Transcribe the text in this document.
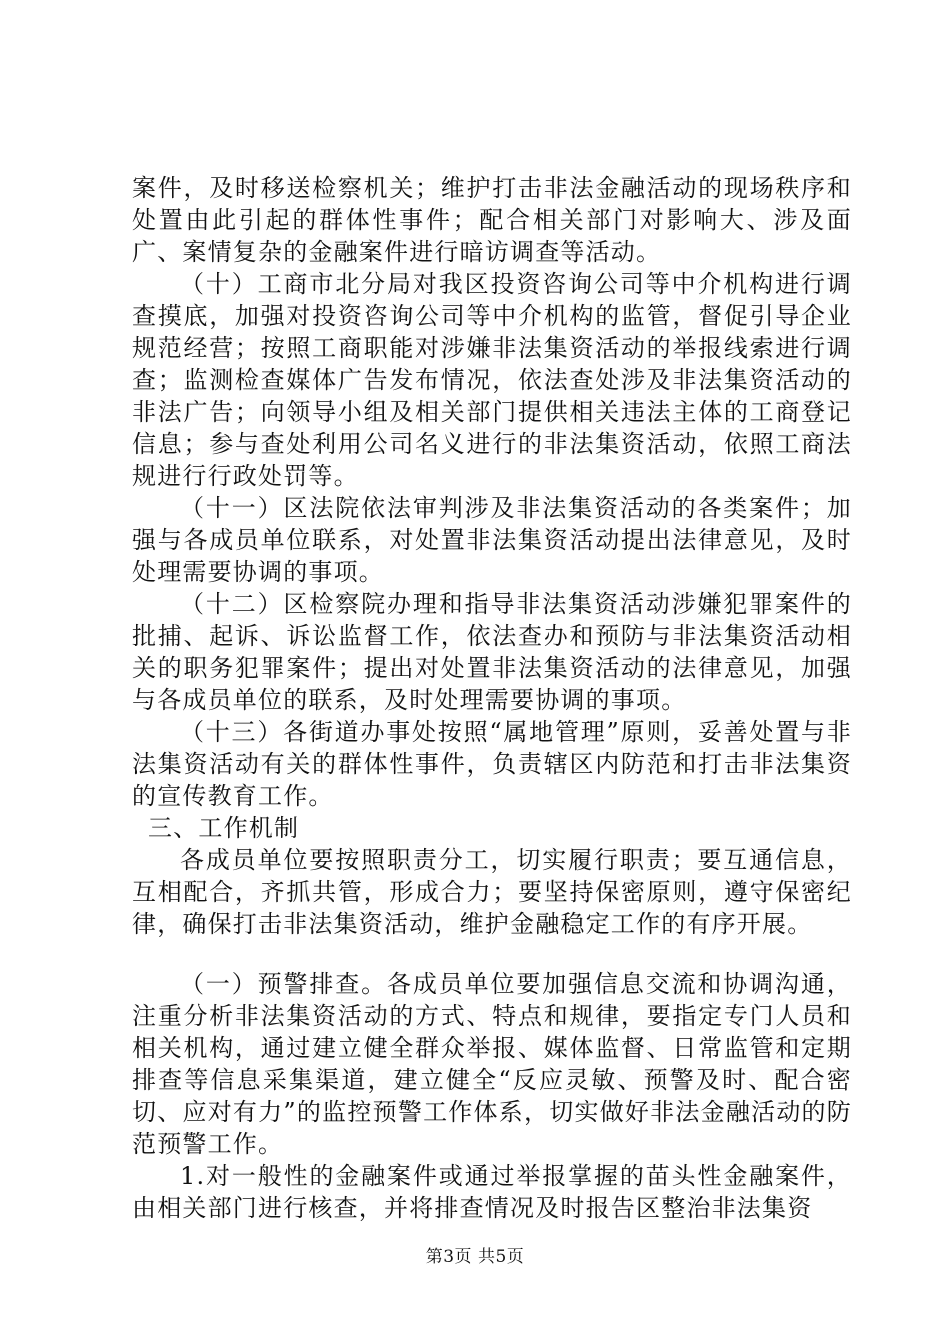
案件，及时移送检察机关；维护打击非法金融活动的现场秩序和处置由此引起的群体性事件；配合相关部门对影响大、涉及面广、案情复杂的金融案件进行暗访调查等活动。

（十）工商市北分局对我区投资咨询公司等中介机构进行调查摸底，加强对投资咨询公司等中介机构的监管，督促引导企业规范经营；按照工商职能对涉嫌非法集资活动的举报线索进行调查；监测检查媒体广告发布情况，依法查处涉及非法集资活动的非法广告；向领导小组及相关部门提供相关违法主体的工商登记信息；参与查处利用公司名义进行的非法集资活动，依照工商法规进行行政处罚等。

（十一）区法院依法审判涉及非法集资活动的各类案件；加强与各成员单位联系，对处置非法集资活动提出法律意见，及时处理需要协调的事项。

（十二）区检察院办理和指导非法集资活动涉嫌犯罪案件的批捕、起诉、诉讼监督工作，依法查办和预防与非法集资活动相关的职务犯罪案件；提出对处置非法集资活动的法律意见，加强与各成员单位的联系，及时处理需要协调的事项。

（十三）各街道办事处按照“属地管理”原则，妥善处置与非法集资活动有关的群体性事件，负责辖区内防范和打击非法集资的宣传教育工作。

三、工作机制

各成员单位要按照职责分工，切实履行职责；要互通信息，互相配合，齐抓共管，形成合力；要坚持保密原则，遵守保密纪律，确保打击非法集资活动，维护金融稳定工作的有序开展。

（一）预警排查。各成员单位要加强信息交流和协调沟通，注重分析非法集资活动的方式、特点和规律，要指定专门人员和相关机构，通过建立健全群众举报、媒体监督、日常监管和定期排查等信息采集渠道，建立健全“反应灵敏、预警及时、配合密切、应对有力”的监控预警工作体系，切实做好非法金融活动的防范预警工作。

1.对一般性的金融案件或通过举报掌握的苗头性金融案件，由相关部门进行核查，并将排查情况及时报告区整治非法集资

第3页 共5页
